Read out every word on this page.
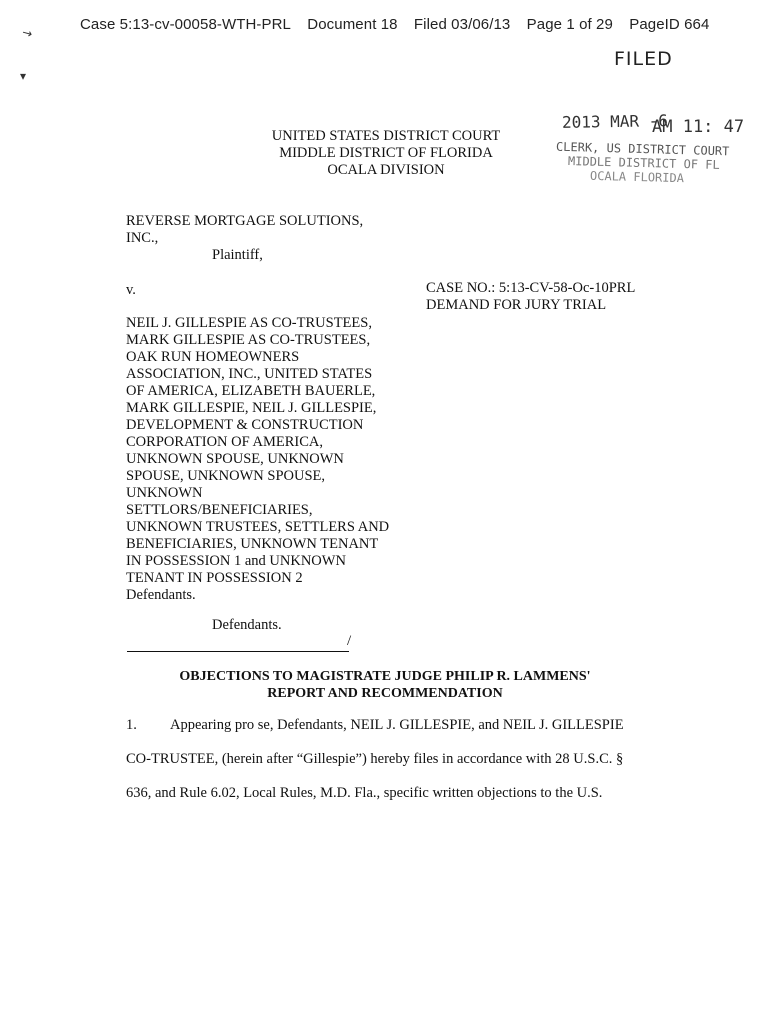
Case 5:13-cv-00058-WTH-PRL Document 18 Filed 03/06/13 Page 1 of 29 PageID 664
↘
▾
FILED
2013 MAR -6
AM 11: 47
CLERK, US DISTRICT COURT
MIDDLE DISTRICT OF FL
OCALA FLORIDA
UNITED STATES DISTRICT COURT
MIDDLE DISTRICT OF FLORIDA
OCALA DIVISION
REVERSE MORTGAGE SOLUTIONS,
INC.,
Plaintiff,
v.	CASE NO.: 5:13-CV-58-Oc-10PRL
DEMAND FOR JURY TRIAL
NEIL J. GILLESPIE AS CO-TRUSTEES,
MARK GILLESPIE AS CO-TRUSTEES,
OAK RUN HOMEOWNERS
ASSOCIATION, INC., UNITED STATES
OF AMERICA, ELIZABETH BAUERLE,
MARK GILLESPIE, NEIL J. GILLESPIE,
DEVELOPMENT & CONSTRUCTION
CORPORATION OF AMERICA,
UNKNOWN SPOUSE, UNKNOWN
SPOUSE, UNKNOWN SPOUSE,
UNKNOWN
SETTLORS/BENEFICIARIES,
UNKNOWN TRUSTEES, SETTLERS AND
BENEFICIARIES, UNKNOWN TENANT
IN POSSESSION 1 and UNKNOWN
TENANT IN POSSESSION 2
Defendants.
Defendants.
/
OBJECTIONS TO MAGISTRATE JUDGE PHILIP R. LAMMENS'
REPORT AND RECOMMENDATION
1. Appearing pro se, Defendants, NEIL J. GILLESPIE, and NEIL J. GILLESPIE
CO-TRUSTEE, (herein after “Gillespie”) hereby files in accordance with 28 U.S.C. §
636, and Rule 6.02, Local Rules, M.D. Fla., specific written objections to the U.S.
